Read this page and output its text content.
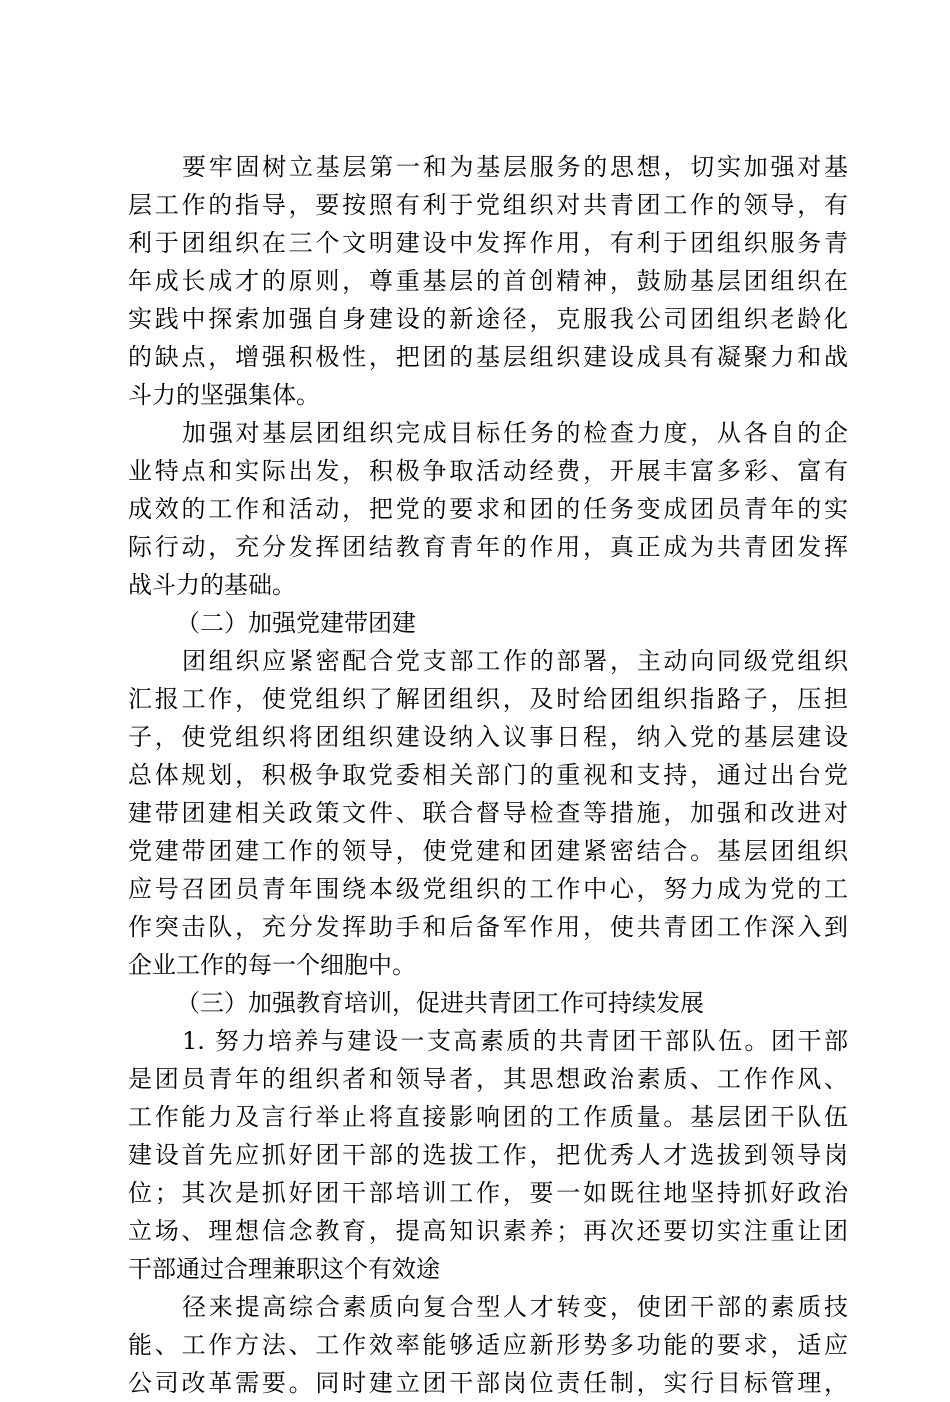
要牢固树立基层第一和为基层服务的思想，切实加强对基
层工作的指导，要按照有利于党组织对共青团工作的领导，有
利于团组织在三个文明建设中发挥作用，有利于团组织服务青
年成长成才的原则，尊重基层的首创精神，鼓励基层团组织在
实践中探索加强自身建设的新途径，克服我公司团组织老龄化
的缺点，增强积极性，把团的基层组织建设成具有凝聚力和战
斗力的坚强集体。
加强对基层团组织完成目标任务的检查力度，从各自的企
业特点和实际出发，积极争取活动经费，开展丰富多彩、富有
成效的工作和活动，把党的要求和团的任务变成团员青年的实
际行动，充分发挥团结教育青年的作用，真正成为共青团发挥
战斗力的基础。
（二）加强党建带团建
团组织应紧密配合党支部工作的部署，主动向同级党组织
汇报工作，使党组织了解团组织，及时给团组织指路子，压担
子，使党组织将团组织建设纳入议事日程，纳入党的基层建设
总体规划，积极争取党委相关部门的重视和支持，通过出台党
建带团建相关政策文件、联合督导检查等措施，加强和改进对
党建带团建工作的领导，使党建和团建紧密结合。基层团组织
应号召团员青年围绕本级党组织的工作中心，努力成为党的工
作突击队，充分发挥助手和后备军作用，使共青团工作深入到
企业工作的每一个细胞中。
（三）加强教育培训，促进共青团工作可持续发展
1. 努力培养与建设一支高素质的共青团干部队伍。团干部
是团员青年的组织者和领导者，其思想政治素质、工作作风、
工作能力及言行举止将直接影响团的工作质量。基层团干队伍
建设首先应抓好团干部的选拔工作，把优秀人才选拔到领导岗
位；其次是抓好团干部培训工作，要一如既往地坚持抓好政治
立场、理想信念教育，提高知识素养；再次还要切实注重让团
干部通过合理兼职这个有效途
径来提高综合素质向复合型人才转变，使团干部的素质技
能、工作方法、工作效率能够适应新形势多功能的要求，适应
公司改革需要。同时建立团干部岗位责任制，实行目标管理，
